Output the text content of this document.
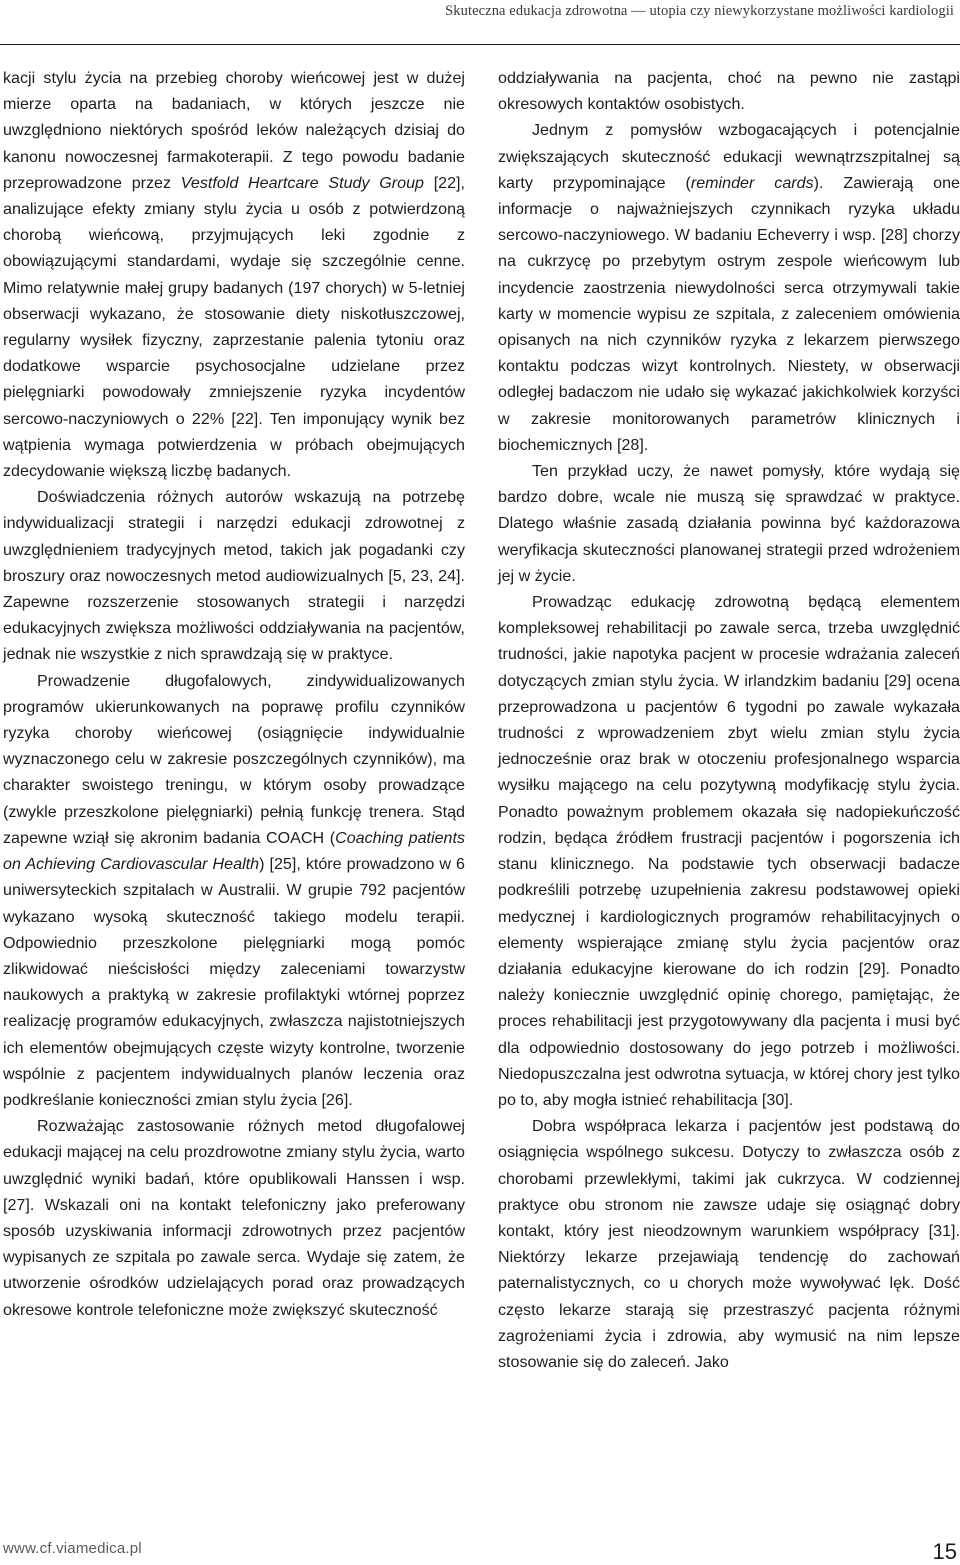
Skuteczna edukacja zdrowotna — utopia czy niewykorzystane możliwości kardiologii

kacji stylu życia na przebieg choroby wieńcowej jest w dużej mierze oparta na badaniach, w których jeszcze nie uwzględniono niektórych spośród leków należących dzisiaj do kanonu nowoczesnej farmakoterapii. Z tego powodu badanie przeprowadzone przez Vestfold Heartcare Study Group [22], analizujące efekty zmiany stylu życia u osób z potwierdzoną chorobą wieńcową, przyjmujących leki zgodnie z obowiązującymi standardami, wydaje się szczególnie cenne. Mimo relatywnie małej grupy badanych (197 chorych) w 5-letniej obserwacji wykazano, że stosowanie diety niskotłuszczowej, regularny wysiłek fizyczny, zaprzestanie palenia tytoniu oraz dodatkowe wsparcie psychosocjalne udzielane przez pielęgniarki powodowały zmniejszenie ryzyka incydentów sercowo-naczyniowych o 22% [22]. Ten imponujący wynik bez wątpienia wymaga potwierdzenia w próbach obejmujących zdecydowanie większą liczbę badanych.

Doświadczenia różnych autorów wskazują na potrzebę indywidualizacji strategii i narzędzi edukacji zdrowotnej z uwzględnieniem tradycyjnych metod, takich jak pogadanki czy broszury oraz nowoczesnych metod audiowizualnych [5, 23, 24]. Zapewne rozszerzenie stosowanych strategii i narzędzi edukacyjnych zwiększa możliwości oddziaływania na pacjentów, jednak nie wszystkie z nich sprawdzają się w praktyce.

Prowadzenie długofalowych, zindywidualizowanych programów ukierunkowanych na poprawę profilu czynników ryzyka choroby wieńcowej (osiągnięcie indywidualnie wyznaczonego celu w zakresie poszczególnych czynników), ma charakter swoistego treningu, w którym osoby prowadzące (zwykle przeszkolone pielęgniarki) pełnią funkcję trenera. Stąd zapewne wziął się akronim badania COACH (Coaching patients on Achieving Cardiovascular Health) [25], które prowadzono w 6 uniwersyteckich szpitalach w Australii. W grupie 792 pacjentów wykazano wysoką skuteczność takiego modelu terapii. Odpowiednio przeszkolone pielęgniarki mogą pomóc zlikwidować nieścisłości między zaleceniami towarzystw naukowych a praktyką w zakresie profilaktyki wtórnej poprzez realizację programów edukacyjnych, zwłaszcza najistotniejszych ich elementów obejmujących częste wizyty kontrolne, tworzenie wspólnie z pacjentem indywidualnych planów leczenia oraz podkreślanie konieczności zmian stylu życia [26].

Rozważając zastosowanie różnych metod długofalowej edukacji mającej na celu prozdrowotne zmiany stylu życia, warto uwzględnić wyniki badań, które opublikowali Hanssen i wsp. [27]. Wskazali oni na kontakt telefoniczny jako preferowany sposób uzyskiwania informacji zdrowotnych przez pacjentów wypisanych ze szpitala po zawale serca. Wydaje się zatem, że utworzenie ośrodków udzielających porad oraz prowadzących okresowe kontrole telefoniczne może zwiększyć skuteczność

oddziaływania na pacjenta, choć na pewno nie zastąpi okresowych kontaktów osobistych.

Jednym z pomysłów wzbogacających i potencjalnie zwiększających skuteczność edukacji wewnątrzszpitalnej są karty przypominające (reminder cards). Zawierają one informacje o najważniejszych czynnikach ryzyka układu sercowo-naczyniowego. W badaniu Echeverry i wsp. [28] chorzy na cukrzycę po przebytym ostrym zespole wieńcowym lub incydencie zaostrzenia niewydolności serca otrzymywali takie karty w momencie wypisu ze szpitala, z zaleceniem omówienia opisanych na nich czynników ryzyka z lekarzem pierwszego kontaktu podczas wizyt kontrolnych. Niestety, w obserwacji odległej badaczom nie udało się wykazać jakichkolwiek korzyści w zakresie monitorowanych parametrów klinicznych i biochemicznych [28].

Ten przykład uczy, że nawet pomysły, które wydają się bardzo dobre, wcale nie muszą się sprawdzać w praktyce. Dlatego właśnie zasadą działania powinna być każdorazowa weryfikacja skuteczności planowanej strategii przed wdrożeniem jej w życie.

Prowadząc edukację zdrowotną będącą elementem kompleksowej rehabilitacji po zawale serca, trzeba uwzględnić trudności, jakie napotyka pacjent w procesie wdrażania zaleceń dotyczących zmian stylu życia. W irlandzkim badaniu [29] ocena przeprowadzona u pacjentów 6 tygodni po zawale wykazała trudności z wprowadzeniem zbyt wielu zmian stylu życia jednocześnie oraz brak w otoczeniu profesjonalnego wsparcia wysiłku mającego na celu pozytywną modyfikację stylu życia. Ponadto poważnym problemem okazała się nadopiekuńczość rodzin, będąca źródłem frustracji pacjentów i pogorszenia ich stanu klinicznego. Na podstawie tych obserwacji badacze podkreślili potrzebę uzupełnienia zakresu podstawowej opieki medycznej i kardiologicznych programów rehabilitacyjnych o elementy wspierające zmianę stylu życia pacjentów oraz działania edukacyjne kierowane do ich rodzin [29]. Ponadto należy koniecznie uwzględnić opinię chorego, pamiętając, że proces rehabilitacji jest przygotowywany dla pacjenta i musi być dla odpowiednio dostosowany do jego potrzeb i możliwości. Niedopuszczalna jest odwrotna sytuacja, w której chory jest tylko po to, aby mogła istnieć rehabilitacja [30].

Dobra współpraca lekarza i pacjentów jest podstawą do osiągnięcia wspólnego sukcesu. Dotyczy to zwłaszcza osób z chorobami przewlekłymi, takimi jak cukrzyca. W codziennej praktyce obu stronom nie zawsze udaje się osiągnąć dobry kontakt, który jest nieodzownym warunkiem współpracy [31]. Niektórzy lekarze przejawiają tendencję do zachowań paternalistycznych, co u chorych może wywoływać lęk. Dość często lekarze starają się przestraszyć pacjenta różnymi zagrożeniami życia i zdrowia, aby wymusić na nim lepsze stosowanie się do zaleceń. Jako

www.cf.viamedica.pl	15
